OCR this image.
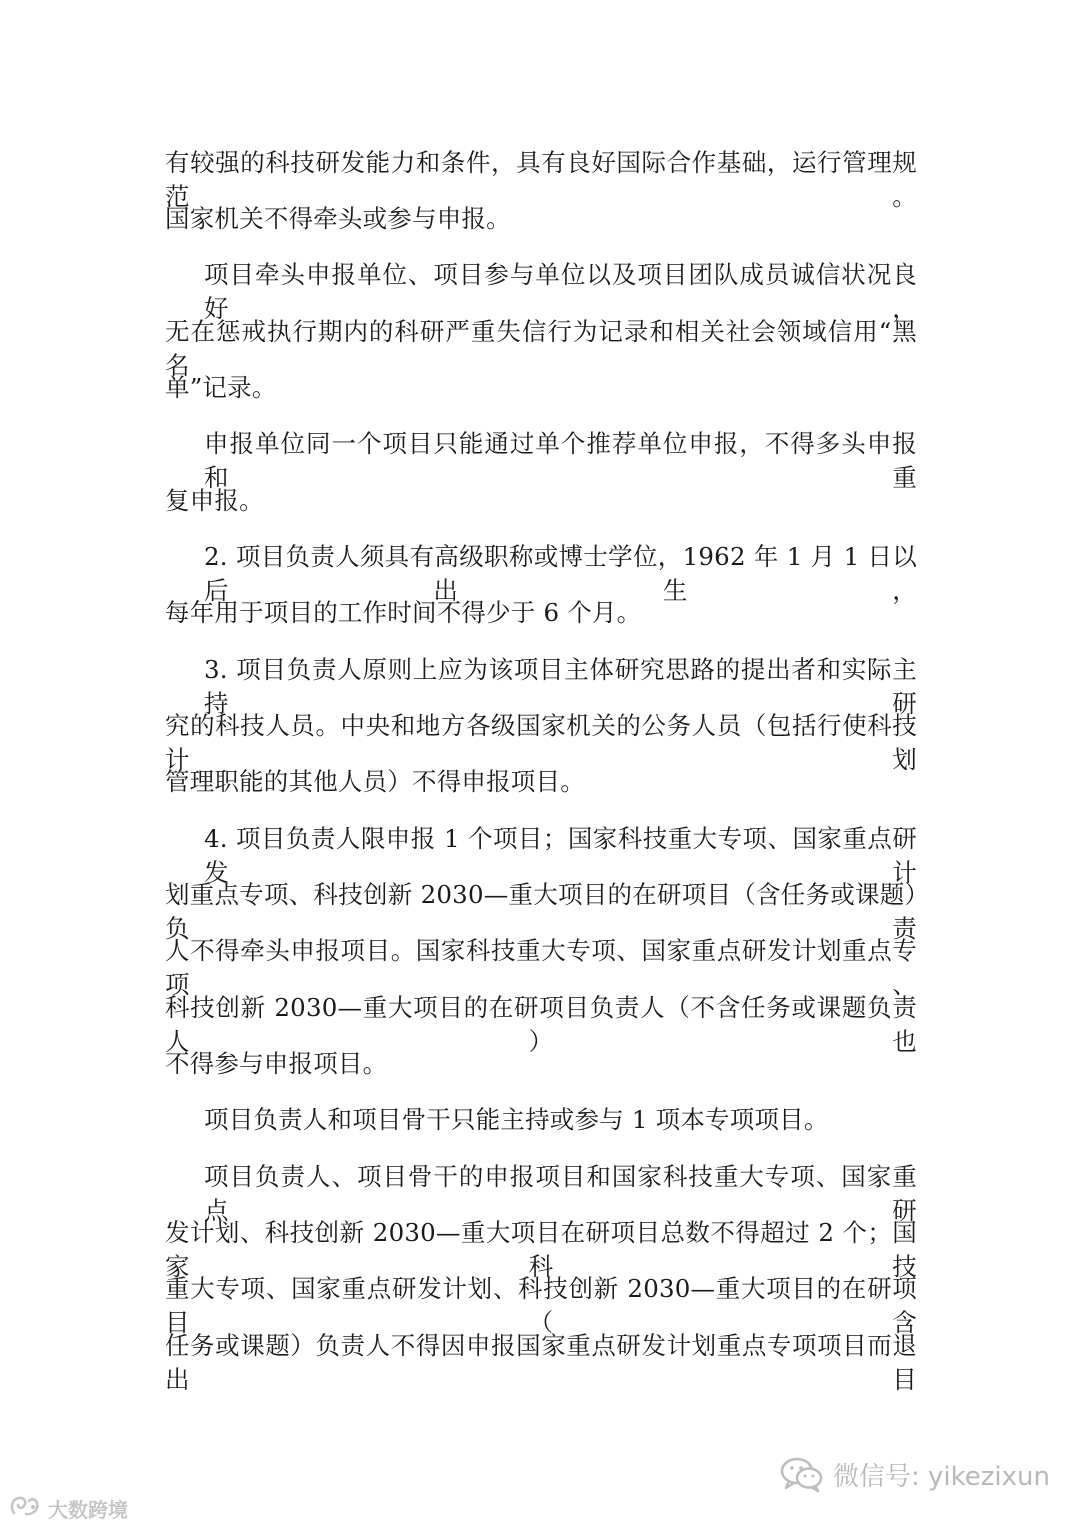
有较强的科技研发能力和条件，具有良好国际合作基础，运行管理规范。
国家机关不得牵头或参与申报。
项目牵头申报单位、项目参与单位以及项目团队成员诚信状况良好，
无在惩戒执行期内的科研严重失信行为记录和相关社会领域信用“黑名
单”记录。
申报单位同一个项目只能通过单个推荐单位申报，不得多头申报和重
复申报。
2. 项目负责人须具有高级职称或博士学位，1962 年 1 月 1 日以后出生，
每年用于项目的工作时间不得少于 6 个月。
3. 项目负责人原则上应为该项目主体研究思路的提出者和实际主持研
究的科技人员。中央和地方各级国家机关的公务人员（包括行使科技计划
管理职能的其他人员）不得申报项目。
4. 项目负责人限申报 1 个项目；国家科技重大专项、国家重点研发计
划重点专项、科技创新 2030—重大项目的在研项目（含任务或课题）负责
人不得牵头申报项目。国家科技重大专项、国家重点研发计划重点专项、
科技创新 2030—重大项目的在研项目负责人（不含任务或课题负责人）也
不得参与申报项目。
项目负责人和项目骨干只能主持或参与 1 项本专项项目。
项目负责人、项目骨干的申报项目和国家科技重大专项、国家重点研
发计划、科技创新 2030—重大项目在研项目总数不得超过 2 个；国家科技
重大专项、国家重点研发计划、科技创新 2030—重大项目的在研项目（含
任务或课题）负责人不得因申报国家重点研发计划重点专项项目而退出目
微信号: yikezixun
大数跨境
